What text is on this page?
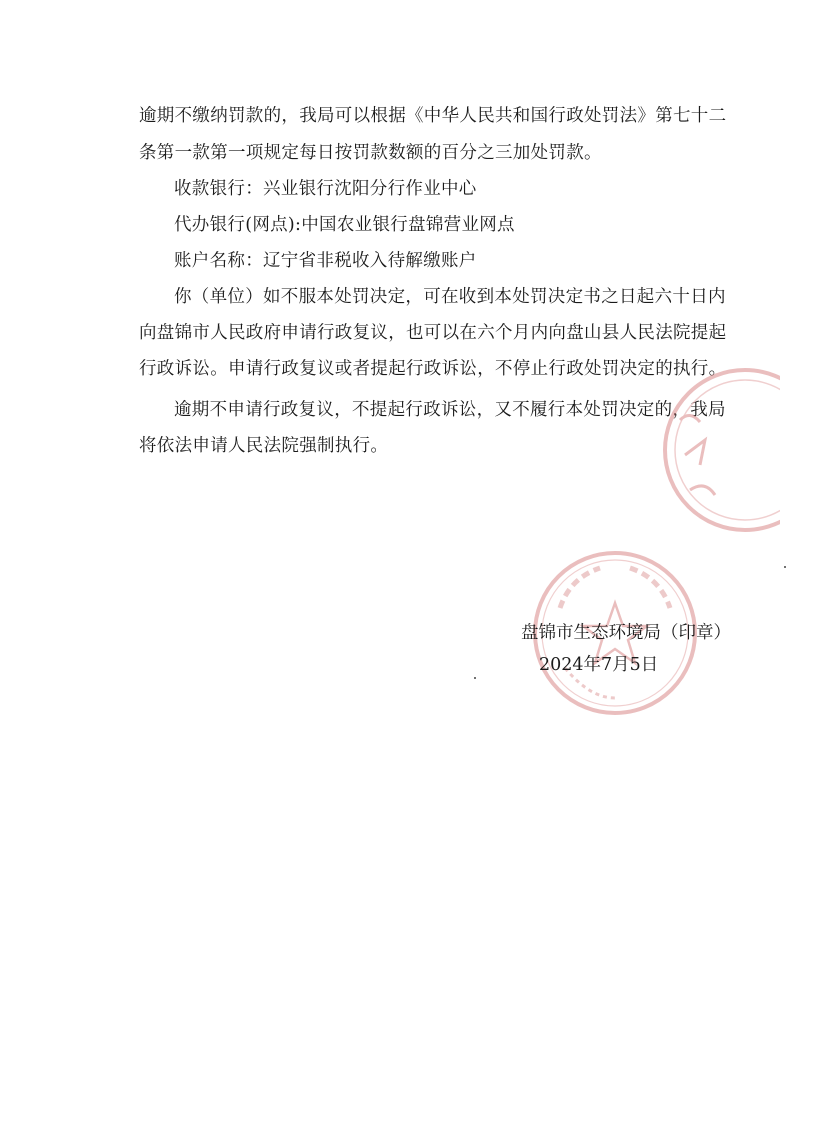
逾期不缴纳罚款的，我局可以根据《中华人民共和国行政处罚法》第七十二
条第一款第一项规定每日按罚款数额的百分之三加处罚款。
收款银行：兴业银行沈阳分行作业中心
代办银行(网点):中国农业银行盘锦营业网点
账户名称：辽宁省非税收入待解缴账户
你（单位）如不服本处罚决定，可在收到本处罚决定书之日起六十日内
向盘锦市人民政府申请行政复议，也可以在六个月内向盘山县人民法院提起
行政诉讼。申请行政复议或者提起行政诉讼，不停止行政处罚决定的执行。
逾期不申请行政复议，不提起行政诉讼，又不履行本处罚决定的，我局
将依法申请人民法院强制执行。
盘锦市生态环境局（印章）
2024年7月5日
